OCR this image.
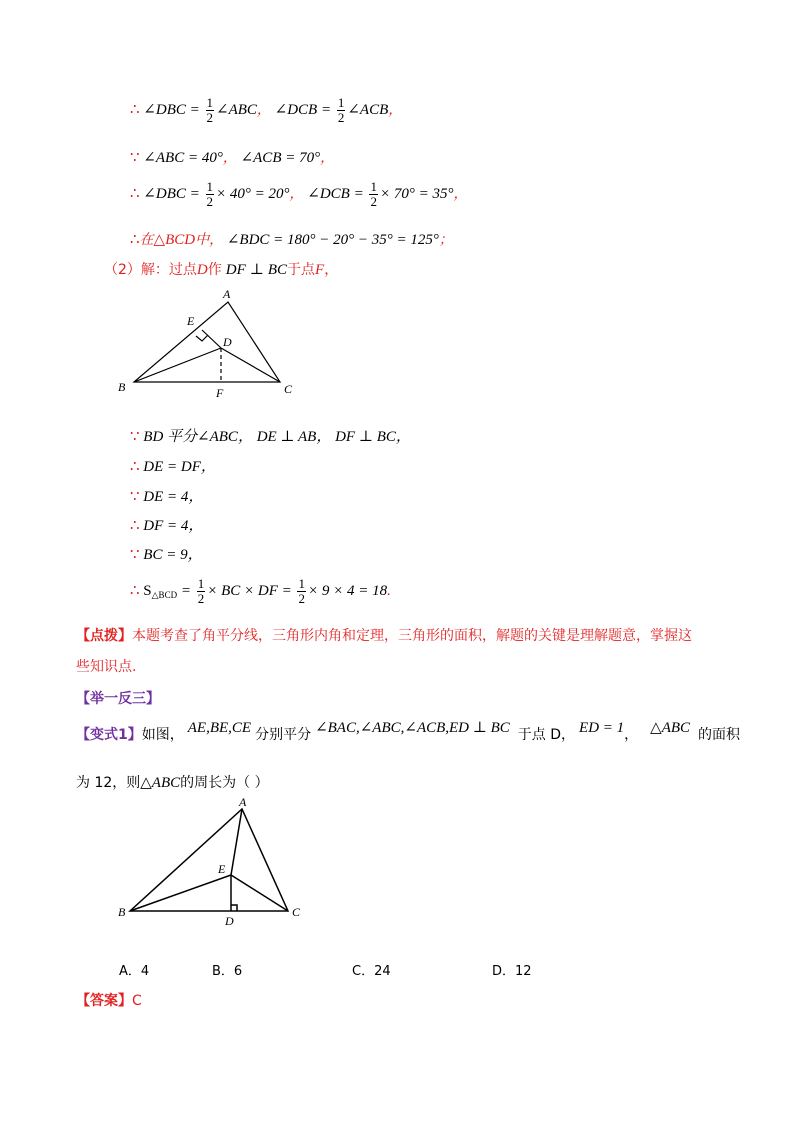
∴ ∠DBC = $\frac{1}{2}$ ∠ABC， ∠DCB = $\frac{1}{2}$ ∠ACB，
∵ ∠ABC = 40°， ∠ACB = 70°，
∴ ∠DBC = $\frac{1}{2} \times 40^\circ = 20^\circ$， ∠DCB = $\frac{1}{2} \times 70^\circ = 35^\circ$，
∴在△BCD中， ∠BDC = 180° − 20° − 35° = 125°；
（2）解：过点D作 DF ⊥ BC于点F，
A
E
D
B	F	C
∵ BD 平分∠ABC， DE ⊥ AB， DF ⊥ BC，
∴ DE = DF，
∵ DE = 4，
∴ DF = 4，
∵ BC = 9，
∴ $S_{\triangle BCD} = \frac{1}{2}$ × BC × DF = $\frac{1}{2} \times 9 \times 4 = 18$.
【点拨】本题考查了角平分线，三角形内角和定理，三角形的面积，解题的关键是理解题意，掌握这
些知识点.
【举一反三】
【变式1】如图， AE,BE,CE 分别平分 ∠BAC,∠ABC,∠ACB,ED ⊥ BC 于点 D， ED = 1， △ABC 的面积
为 12，则△ABC的周长为（ ）
A
E
B
D
C
A．4	B．6	C．24	D．12
【答案】C
